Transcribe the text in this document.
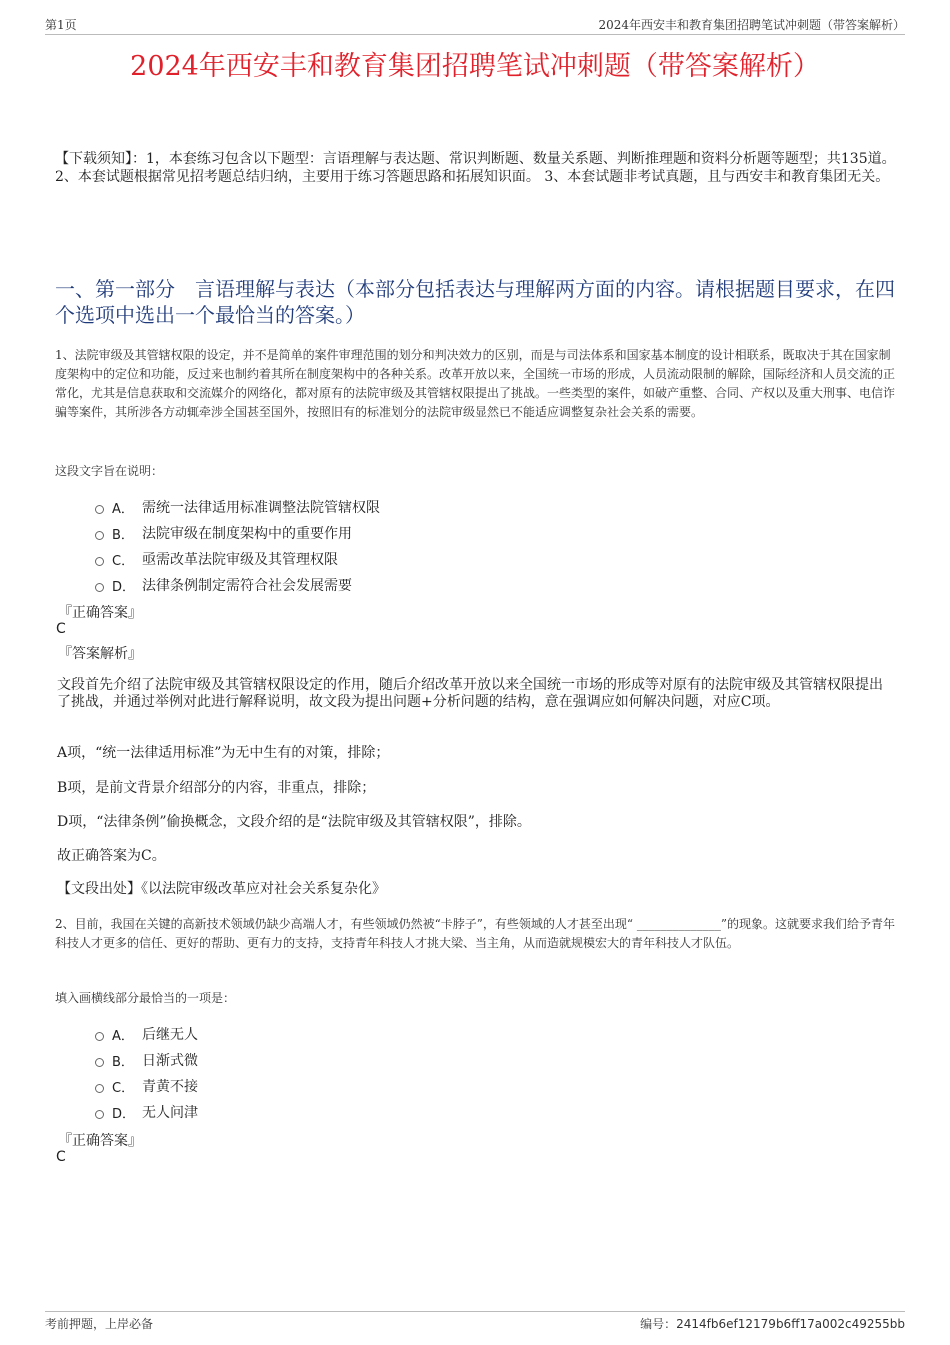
第1页	2024年西安丰和教育集团招聘笔试冲刺题（带答案解析）
2024年西安丰和教育集团招聘笔试冲刺题（带答案解析）

【下载须知】：1，本套练习包含以下题型：言语理解与表达题、常识判断题、数量关系题、判断推理题和资料分析题等题型；共135道。 2、本套试题根据常见招考题总结归纳，主要用于练习答题思路和拓展知识面。 3、本套试题非考试真题，且与西安丰和教育集团无关。

一、第一部分　言语理解与表达（本部分包括表达与理解两方面的内容。请根据题目要求，在四个选项中选出一个最恰当的答案。）

1、法院审级及其管辖权限的设定，并不是简单的案件审理范围的划分和判决效力的区别，而是与司法体系和国家基本制度的设计相联系，既取决于其在国家制度架构中的定位和功能，反过来也制约着其所在制度架构中的各种关系。改革开放以来，全国统一市场的形成，人员流动限制的解除，国际经济和人员交流的正常化，尤其是信息获取和交流媒介的网络化，都对原有的法院审级及其管辖权限提出了挑战。一些类型的案件，如破产重整、合同、产权以及重大刑事、电信诈骗等案件，其所涉各方动辄牵涉全国甚至国外，按照旧有的标准划分的法院审级显然已不能适应调整复杂社会关系的需要。

这段文字旨在说明：

A． 需统一法律适用标准调整法院管辖权限
B． 法院审级在制度架构中的重要作用
C． 亟需改革法院审级及其管理权限
D． 法律条例制定需符合社会发展需要

『正确答案』

C

『答案解析』

文段首先介绍了法院审级及其管辖权限设定的作用，随后介绍改革开放以来全国统一市场的形成等对原有的法院审级及其管辖权限提出了挑战，并通过举例对此进行解释说明，故文段为提出问题+分析问题的结构，意在强调应如何解决问题，对应C项。

A项，“统一法律适用标准”为无中生有的对策，排除；

B项，是前文背景介绍部分的内容，非重点，排除；

D项，“法律条例”偷换概念，文段介绍的是“法院审级及其管辖权限”，排除。

故正确答案为C。

【文段出处】《以法院审级改革应对社会关系复杂化》

2、目前，我国在关键的高新技术领域仍缺少高端人才，有些领域仍然被“卡脖子”，有些领域的人才甚至出现“ ______________”的现象。这就要求我们给予青年科技人才更多的信任、更好的帮助、更有力的支持，支持青年科技人才挑大梁、当主角，从而造就规模宏大的青年科技人才队伍。

填入画横线部分最恰当的一项是：

A． 后继无人
B． 日渐式微
C． 青黄不接
D． 无人问津

『正确答案』

C

考前押题，上岸必备	编号：2414fb6ef12179b6ff17a002c49255bb
